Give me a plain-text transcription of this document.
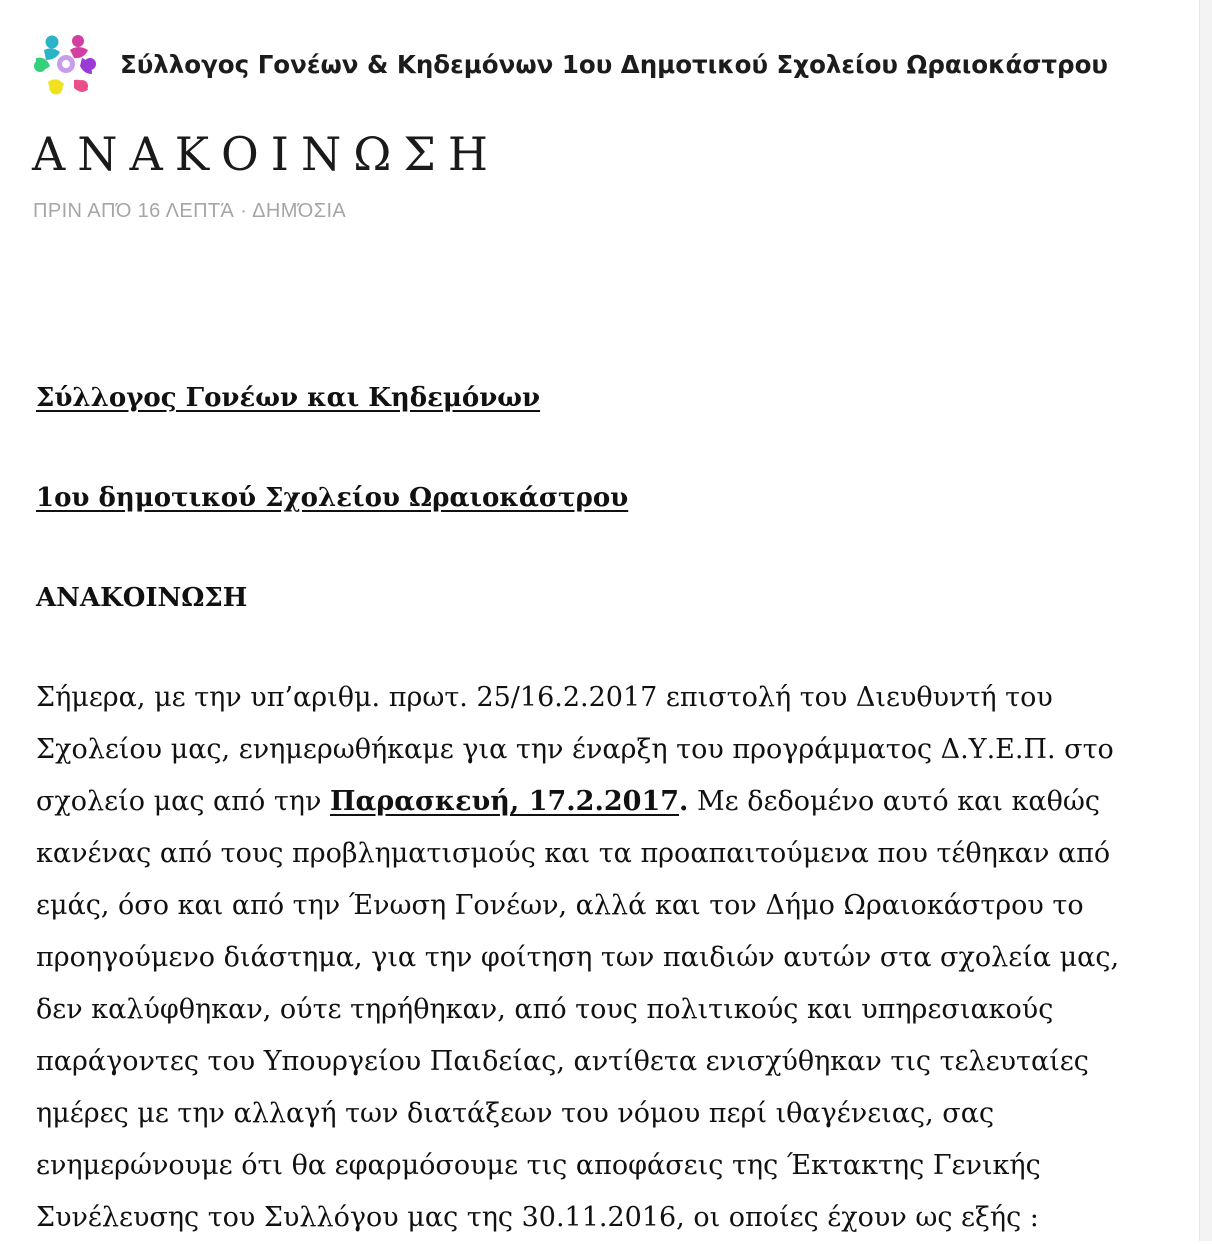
Σύλλογος Γονέων & Κηδεμόνων 1ου Δημοτικού Σχολείου Ωραιοκάστρου
ΑΝΑΚΟΙΝΩΣΗ
ΠΡΙΝ ΑΠΌ 16 ΛΕΠΤΆ · ΔΗΜΌΣΙΑ
Σύλλογος Γονέων και Κηδεμόνων
1ου δημοτικού Σχολείου Ωραιοκάστρου
ΑΝΑΚΟΙΝΩΣΗ

Σήμερα, με την υπ’αριθμ. πρωτ. 25/16.2.2017 επιστολή του Διευθυντή του Σχολείου μας, ενημερωθήκαμε για την έναρξη του προγράμματος Δ.Υ.Ε.Π. στο σχολείο μας από την Παρασκευή, 17.2.2017. Με δεδομένο αυτό και καθώς κανένας από τους προβληματισμούς και τα προαπαιτούμενα που τέθηκαν από εμάς, όσο και από την Ένωση Γονέων, αλλά και τον Δήμο Ωραιοκάστρου το προηγούμενο διάστημα, για την φοίτηση των παιδιών αυτών στα σχολεία μας, δεν καλύφθηκαν, ούτε τηρήθηκαν, από τους πολιτικούς και υπηρεσιακούς παράγοντες του Υπουργείου Παιδείας, αντίθετα ενισχύθηκαν τις τελευταίες ημέρες με την αλλαγή των διατάξεων του νόμου περί ιθαγένειας, σας ενημερώνουμε ότι θα εφαρμόσουμε τις αποφάσεις της Έκτακτης Γενικής Συνέλευσης του Συλλόγου μας της 30.11.2016, οι οποίες έχουν ως εξής :
